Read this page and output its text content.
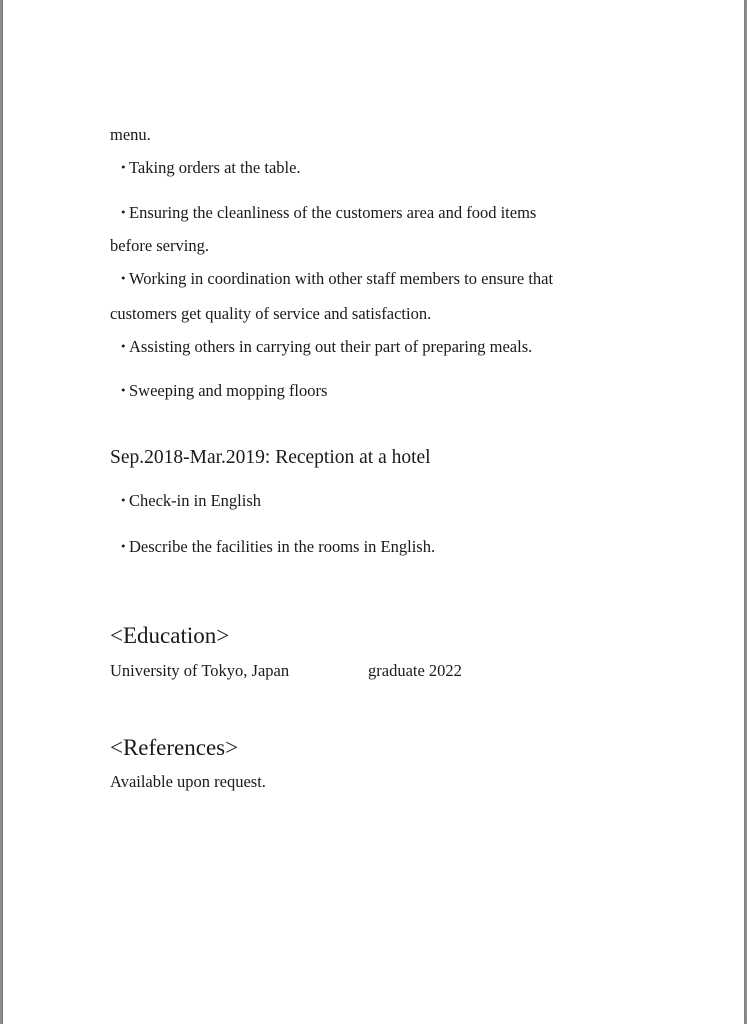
menu.

・Taking orders at the table.

・Ensuring the cleanliness of the customers area and food items

before serving.

・Working in coordination with other staff members to ensure that

customers get quality of service and satisfaction.

・Assisting others in carrying out their part of preparing meals.

・Sweeping and mopping floors

Sep.2018-Mar.2019: Reception at a hotel

・Check-in in English

・Describe the facilities in the rooms in English.

<Education>

University of Tokyo, Japan	graduate 2022

<References>

Available upon request.
